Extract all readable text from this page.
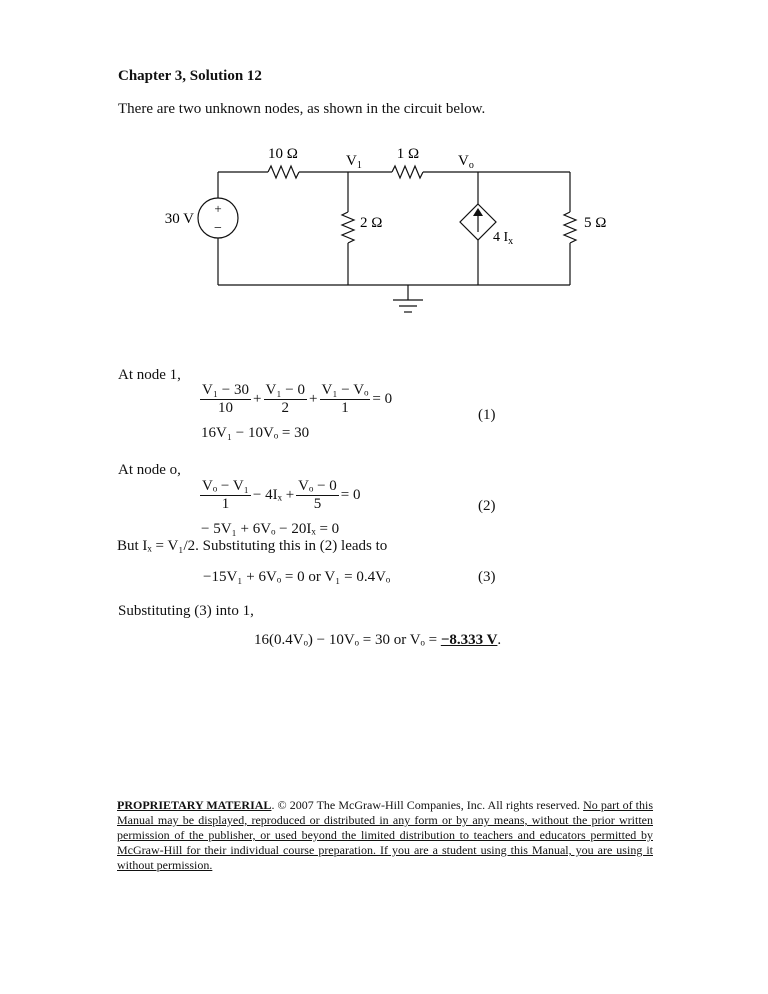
Chapter 3, Solution 12
There are two unknown nodes, as shown in the circuit below.
+
−
30 V
10 Ω	1 Ω
$V_1$	$V_o$
2 Ω
4 $I_x$
5 Ω
At node 1,
$\frac{\text{V₁ − 30}}{10} + \frac{\text{V₁ − 0}}{2} + \frac{\text{V₁ − Vₒ}}{1} = 0$
16V₁ − 10Vₒ = 30
(1)
At node o,
$\frac{\text{Vₒ − V₁}}{1} - 4I_x + \frac{\text{Vₒ − 0}}{5} = 0$
− 5V₁ + 6Vₒ − 20Iₓ = 0
(2)
But Iₓ = V₁/2. Substituting this in (2) leads to
−15V₁ + 6Vₒ = 0 or V₁ = 0.4Vₒ	(3)
Substituting (3) into 1,
16(0.4Vₒ) − 10Vₒ = 30 or Vₒ = −8.333 V.
PROPRIETARY MATERIAL. © 2007 The McGraw-Hill Companies, Inc. All rights reserved. No part of this Manual may be displayed, reproduced or distributed in any form or by any means, without the prior written permission of the publisher, or used beyond the limited distribution to teachers and educators permitted by McGraw-Hill for their individual course preparation. If you are a student using this Manual, you are using it without permission.
